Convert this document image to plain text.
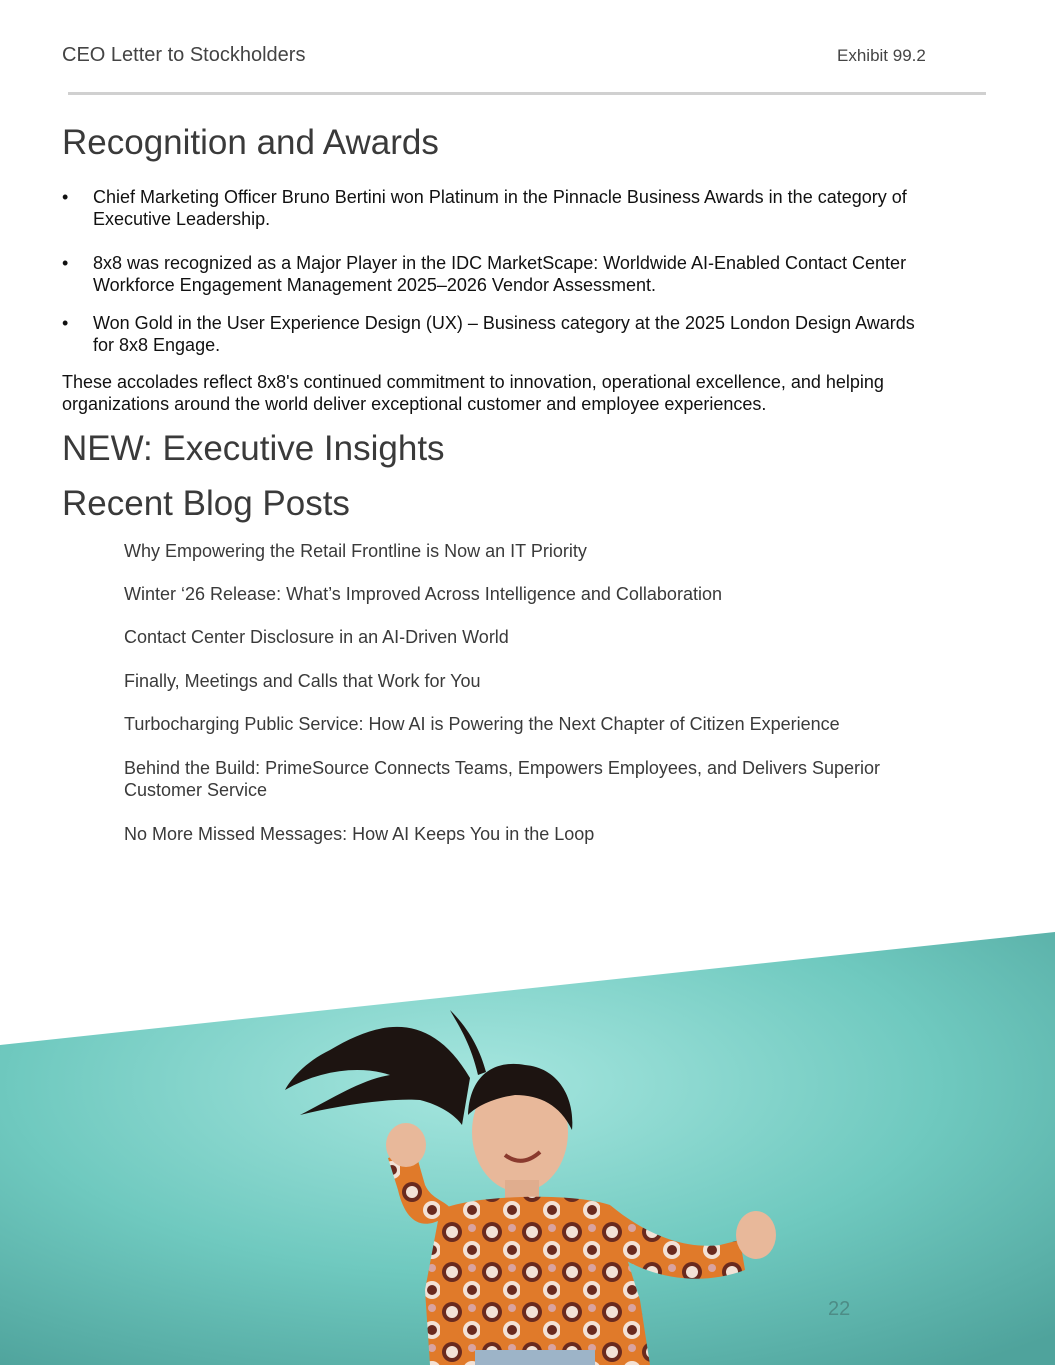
CEO Letter to Stockholders	Exhibit 99.2
Recognition and Awards
• Chief Marketing Officer Bruno Bertini won Platinum in the Pinnacle Business Awards in the category of Executive Leadership.
• 8x8 was recognized as a Major Player in the IDC MarketScape: Worldwide AI-Enabled Contact Center Workforce Engagement Management 2025–2026 Vendor Assessment.
• Won Gold in the User Experience Design (UX) – Business category at the 2025 London Design Awards for 8x8 Engage.
These accolades reflect 8x8's continued commitment to innovation, operational excellence, and helping organizations around the world deliver exceptional customer and employee experiences.
NEW: Executive Insights
Recent Blog Posts
Why Empowering the Retail Frontline is Now an IT Priority
Winter ‘26 Release: What’s Improved Across Intelligence and Collaboration
Contact Center Disclosure in an AI-Driven World
Finally, Meetings and Calls that Work for You
Turbocharging Public Service: How AI is Powering the Next Chapter of Citizen Experience
Behind the Build: PrimeSource Connects Teams, Empowers Employees, and Delivers Superior Customer Service
No More Missed Messages: How AI Keeps You in the Loop
22
